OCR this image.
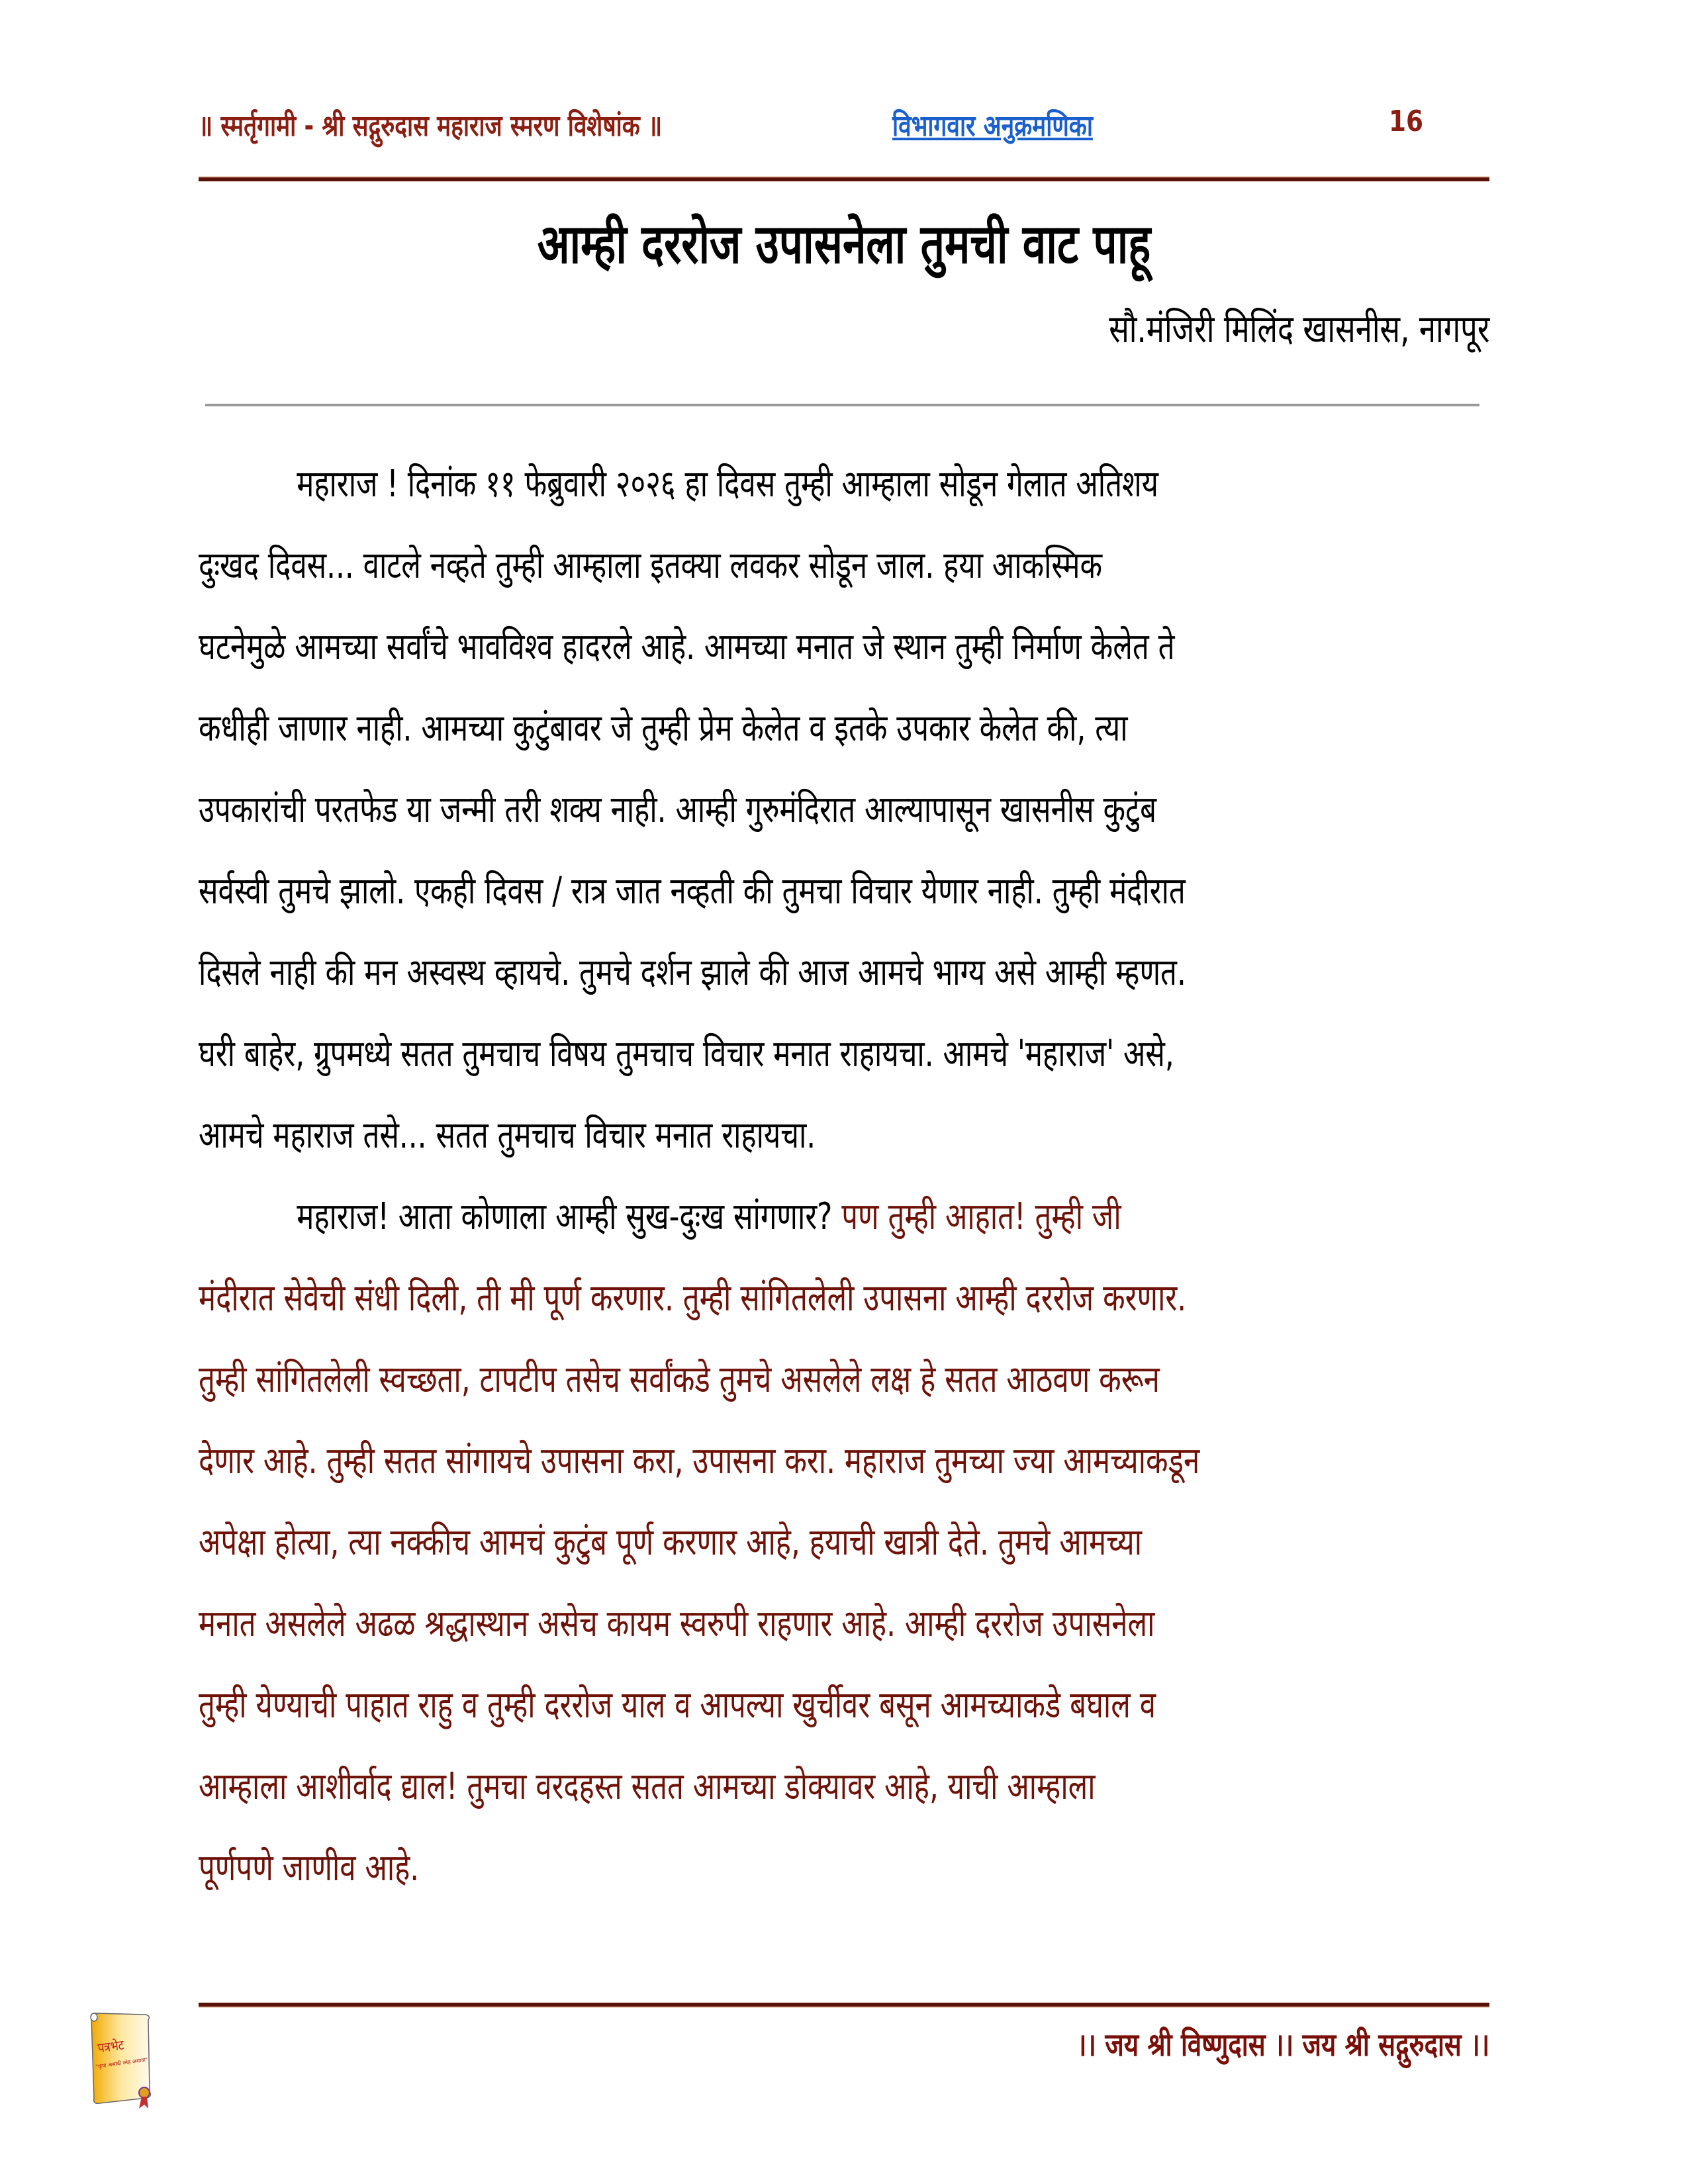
॥ स्मर्तृगामी - श्री सद्गुरुदास महाराज स्मरण विशेषांक ॥	विभागवार अनुक्रमणिका	16
आम्ही दररोज उपासनेला तुमची वाट पाहू
सौ.मंजिरी मिलिंद खासनीस, नागपूर
महाराज ! दिनांक ११ फेब्रुवारी २०२६ हा दिवस तुम्ही आम्हाला सोडून गेलात अतिशय
दुःखद दिवस... वाटले नव्हते तुम्ही आम्हाला इतक्या लवकर सोडून जाल. हया आकस्मिक
घटनेमुळे आमच्या सर्वांचे भावविश्व हादरले आहे. आमच्या मनात जे स्थान तुम्ही निर्माण केलेत ते
कधीही जाणार नाही. आमच्या कुटुंबावर जे तुम्ही प्रेम केलेत व इतके उपकार केलेत की, त्या
उपकारांची परतफेड या जन्मी तरी शक्य नाही. आम्ही गुरुमंदिरात आल्यापासून खासनीस कुटुंब
सर्वस्वी तुमचे झालो. एकही दिवस / रात्र जात नव्हती की तुमचा विचार येणार नाही. तुम्ही मंदीरात
दिसले नाही की मन अस्वस्थ व्हायचे. तुमचे दर्शन झाले की आज आमचे भाग्य असे आम्ही म्हणत.
घरी बाहेर, ग्रुपमध्ये सतत तुमचाच विषय तुमचाच विचार मनात राहायचा. आमचे 'महाराज' असे,
आमचे महाराज तसे... सतत तुमचाच विचार मनात राहायचा.
महाराज! आता कोणाला आम्ही सुख-दुःख सांगणार? पण तुम्ही आहात! तुम्ही जी
मंदीरात सेवेची संधी दिली, ती मी पूर्ण करणार. तुम्ही सांगितलेली उपासना आम्ही दररोज करणार.
तुम्ही सांगितलेली स्वच्छता, टापटीप तसेच सर्वांकडे तुमचे असलेले लक्ष हे सतत आठवण करून
देणार आहे. तुम्ही सतत सांगायचे उपासना करा, उपासना करा. महाराज तुमच्या ज्या आमच्याकडून
अपेक्षा होत्या, त्या नक्कीच आमचं कुटुंब पूर्ण करणार आहे, हयाची खात्री देते. तुमचे आमच्या
मनात असलेले अढळ श्रद्धास्थान असेच कायम स्वरुपी राहणार आहे. आम्ही दररोज उपासनेला
तुम्ही येण्याची पाहात राहु व तुम्ही दररोज याल व आपल्या खुर्चीवर बसून आमच्याकडे बघाल व
आम्हाला आशीर्वाद द्याल! तुमचा वरदहस्त सतत आमच्या डोक्यावर आहे, याची आम्हाला
पूर्णपणे जाणीव आहे.
पत्रभेट
"कृपा असावी स्नेह असावा"	।। जय श्री विष्णुदास ।। जय श्री सद्गुरुदास ।।
